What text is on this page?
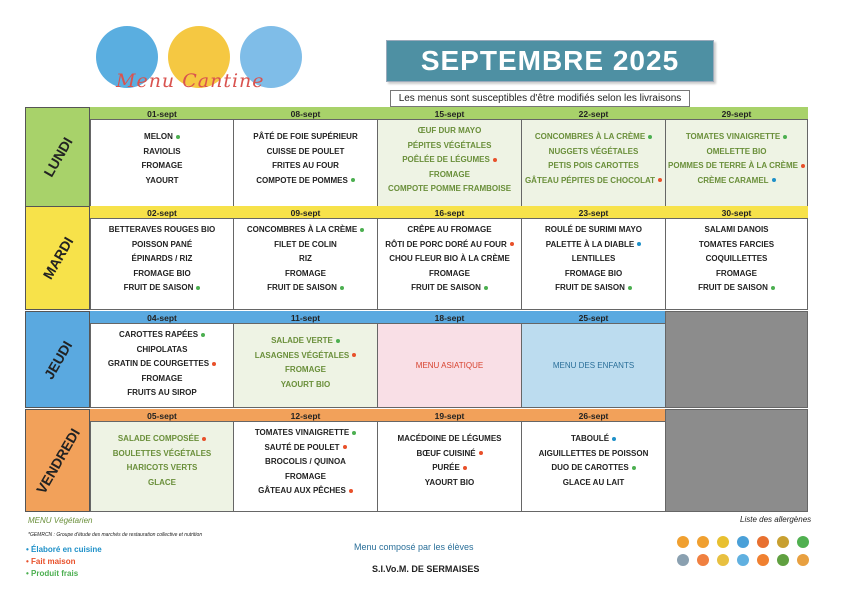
Menu Cantine
SEPTEMBRE 2025
Les menus sont susceptibles d'être modifiés selon les livraisons
LUNDI
01-sept
MELON
RAVIOLIS
FROMAGE
YAOURT
08-sept
PÂTÉ DE FOIE SUPÉRIEUR
CUISSE DE POULET
FRITES AU FOUR
COMPOTE DE POMMES
15-sept
ŒUF DUR MAYO
PÉPITES VÉGÉTALES
POÊLÉE DE LÉGUMES
FROMAGE
COMPOTE POMME FRAMBOISE
22-sept
CONCOMBRES À LA CRÈME
NUGGETS VÉGÉTALES
PETIS POIS CAROTTES
GÂTEAU PÉPITES DE CHOCOLAT
29-sept
TOMATES VINAIGRETTE
OMELETTE BIO
POMMES DE TERRE À LA CRÈME
CRÈME CARAMEL
MARDI
02-sept
BETTERAVES ROUGES BIO
POISSON PANÉ
ÉPINARDS / RIZ
FROMAGE BIO
FRUIT DE SAISON
09-sept
CONCOMBRES À LA CRÈME
FILET DE COLIN
RIZ
FROMAGE
FRUIT DE SAISON
16-sept
CRÊPE AU FROMAGE
RÔTI DE PORC DORÉ AU FOUR
CHOU FLEUR BIO À LA CRÈME
FROMAGE
FRUIT DE SAISON
23-sept
ROULÉ DE SURIMI MAYO
PALETTE À LA DIABLE
LENTILLES
FROMAGE BIO
FRUIT DE SAISON
30-sept
SALAMI DANOIS
TOMATES FARCIES
COQUILLETTES
FROMAGE
FRUIT DE SAISON
JEUDI
04-sept
CAROTTES RAPÉES
CHIPOLATAS
GRATIN DE COURGETTES
FROMAGE
FRUITS AU SIROP
11-sept
SALADE VERTE
LASAGNES VÉGÉTALES
FROMAGE
YAOURT BIO
18-sept
MENU ASIATIQUE
25-sept
MENU DES ENFANTS
VENDREDI
05-sept
SALADE COMPOSÉE
BOULETTES VÉGÉTALES
HARICOTS VERTS
GLACE
12-sept
TOMATES VINAIGRETTE
SAUTÉ DE POULET
BROCOLIS / QUINOA
FROMAGE
GÂTEAU AUX PÊCHES
19-sept
MACÉDOINE DE LÉGUMES
BŒUF CUISINÉ
PURÉE
YAOURT BIO
26-sept
TABOULÉ
AIGUILLETTES DE POISSON
DUO DE CAROTTES
GLACE AU LAIT
MENU Végétarien	Liste des allergènes
*GEMRCN : Groupe d'étude des marchés de restauration collective et nutrition
• Élaboré en cuisine
• Fait maison
• Produit frais
Menu composé par les élèves
S.I.Vo.M. DE SERMAISES
